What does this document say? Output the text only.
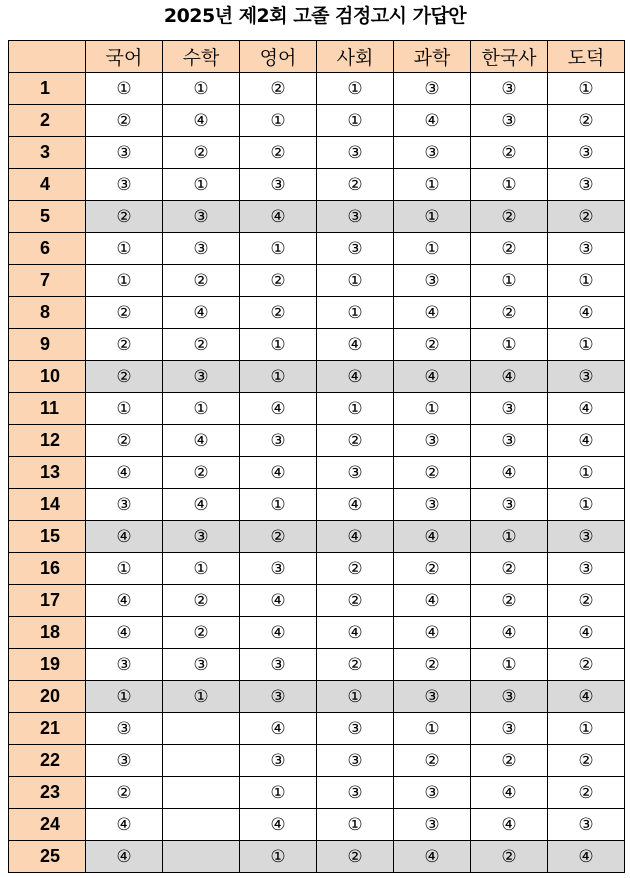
2025년 제2회 고졸 검정고시 가답안
	국어	수학	영어	사회	과학	한국사	도덕
1	①	①	②	①	③	③	①
2	②	④	①	①	④	③	②
3	③	②	②	③	③	②	③
4	③	①	③	②	①	①	③
5	②	③	④	③	①	②	②
6	①	③	①	③	①	②	③
7	①	②	②	①	③	①	①
8	②	④	②	①	④	②	④
9	②	②	①	④	②	①	①
10	②	③	①	④	④	④	③
11	①	①	④	①	①	③	④
12	②	④	③	②	③	③	④
13	④	②	④	③	②	④	①
14	③	④	①	④	③	③	①
15	④	③	②	④	④	①	③
16	①	①	③	②	②	②	③
17	④	②	④	②	④	②	②
18	④	②	④	④	④	④	④
19	③	③	③	②	②	①	②
20	①	①	③	①	③	③	④
21	③		④	③	①	③	①
22	③		③	③	②	②	②
23	②		①	③	③	④	②
24	④		④	①	③	④	③
25	④		①	②	④	②	④
